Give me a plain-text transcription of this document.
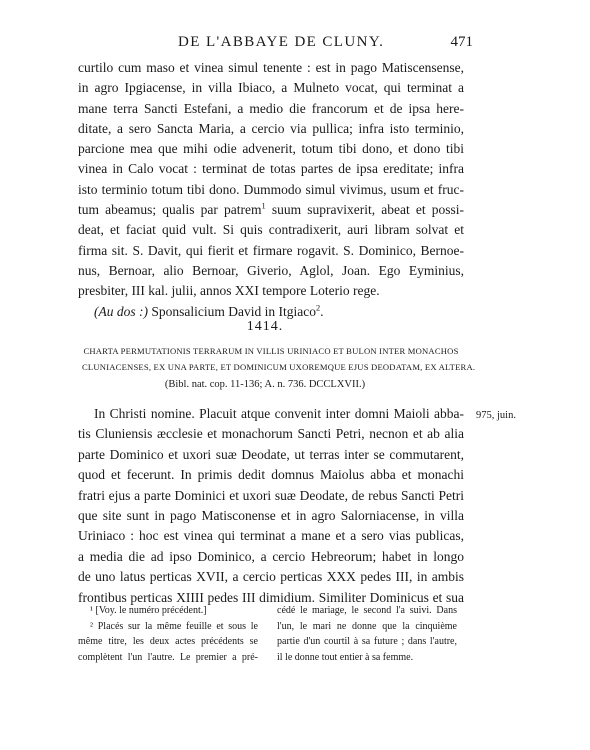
DE L'ABBAYE DE CLUNY.	471
curtilo cum maso et vinea simul tenente : est in pago Matiscensense,
in agro Ipgiacense, in villa Ibiaco, a Mulneto vocat, qui terminat a
mane terra Sancti Estefani, a medio die francorum et de ipsa here-
ditate, a sero Sancta Maria, a cercio via pullica; infra isto terminio,
parcione mea que mihi odie advenerit, totum tibi dono, et dono tibi
vinea in Calo vocat : terminat de totas partes de ipsa ereditate; infra
isto terminio totum tibi dono. Dummodo simul vivimus, usum et fruc-
tum abeamus; qualis par patrem$^1$ suum supravixerit, abeat et possi-
deat, et faciat quid vult. Si quis contradixerit, auri libram solvat et
firma sit. S. Davit, qui fierit et firmare rogavit. S. Dominico, Bernoe-
nus, Bernoar, alio Bernoar, Giverio, Aglol, Joan. Ego Eyminius,
presbiter, III kal. julii, annos XXI tempore Loterio rege.
(Au dos :) Sponsalicium David in Itgiaco$^2$.
1414.
CHARTA PERMUTATIONIS TERRARUM IN VILLIS URINIACO ET BULON INTER MONACHOS
CLUNIACENSES, EX UNA PARTE, ET DOMINICUM UXOREMQUE EJUS DEODATAM, EX ALTERA.
(Bibl. nat. cop. 11-136; A. n. 736. DCCLXVII.)
975, juin.
In Christi nomine. Placuit atque convenit inter domni Maioli abba-
tis Cluniensis æcclesie et monachorum Sancti Petri, necnon et ab alia
parte Dominico et uxori suæ Deodate, ut terras inter se commutarent,
quod et fecerunt. In primis dedit domnus Maiolus abba et monachi
fratri ejus a parte Dominici et uxori suæ Deodate, de rebus Sancti Petri
que site sunt in pago Matisconense et in agro Salorniacense, in villa
Uriniaco : hoc est vinea qui terminat a mane et a sero vias publicas,
a media die ad ipso Dominico, a cercio Hebreorum; habet in longo
de uno latus perticas XVII, a cercio perticas XXX pedes III, in ambis
frontibus perticas XIIII pedes III dimidium. Similiter Dominicus et sua
¹ [Voy. le numéro précédent.]
² Placés sur la même feuille et sous le
même titre, les deux actes précédents se
complètent l'un l'autre. Le premier a pré-
cédé le mariage, le second l'a suivi. Dans
l'un, le mari ne donne que la cinquième
partie d'un courtil à sa future ; dans l'autre,
il le donne tout entier à sa femme.
